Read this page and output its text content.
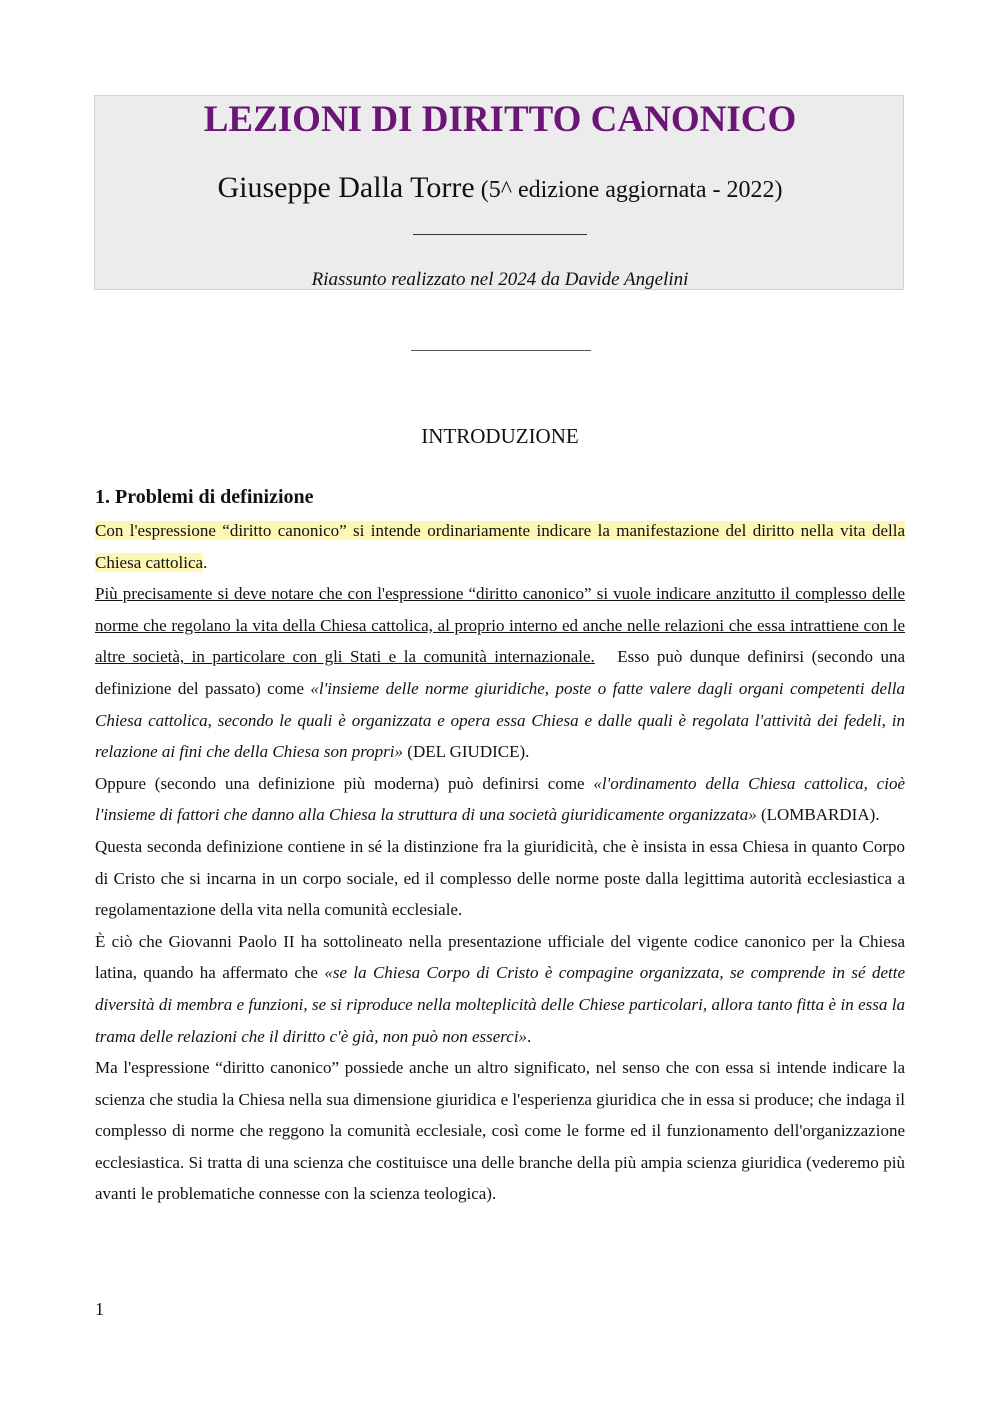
LEZIONI DI DIRITTO CANONICO
Giuseppe Dalla Torre (5^ edizione aggiornata - 2022)
Riassunto realizzato nel 2024 da Davide Angelini
INTRODUZIONE
1. Problemi di definizione

Con l'espressione “diritto canonico” si intende ordinariamente indicare la manifestazione del diritto nella vita della Chiesa cattolica.

Più precisamente si deve notare che con l'espressione “diritto canonico” si vuole indicare anzitutto il complesso delle norme che regolano la vita della Chiesa cattolica, al proprio interno ed anche nelle relazioni che essa intrattiene con le altre società, in particolare con gli Stati e la comunità internazionale.   Esso può dunque definirsi (secondo una definizione del passato) come «l'insieme delle norme giuridiche, poste o fatte valere dagli organi competenti della Chiesa cattolica, secondo le quali è organizzata e opera essa Chiesa e dalle quali è regolata l'attività dei fedeli, in relazione ai fini che della Chiesa son propri» (DEL GIUDICE).
Oppure (secondo una definizione più moderna) può definirsi come «l'ordinamento della Chiesa cattolica, cioè l'insieme di fattori che danno alla Chiesa la struttura di una società giuridicamente organizzata» (LOMBARDIA).

Questa seconda definizione contiene in sé la distinzione fra la giuridicità, che è insista in essa Chiesa in quanto Corpo di Cristo che si incarna in un corpo sociale, ed il complesso delle norme poste dalla legittima autorità ecclesiastica a regolamentazione della vita nella comunità ecclesiale.

È ciò che Giovanni Paolo II ha sottolineato nella presentazione ufficiale del vigente codice canonico per la Chiesa latina, quando ha affermato che «se la Chiesa Corpo di Cristo è compagine organizzata, se comprende in sé dette diversità di membra e funzioni, se si riproduce nella molteplicità delle Chiese particolari, allora tanto fitta è in essa la trama delle relazioni che il diritto c'è già, non può non esserci».

Ma l'espressione “diritto canonico” possiede anche un altro significato, nel senso che con essa si intende indicare la scienza che studia la Chiesa nella sua dimensione giuridica e l'esperienza giuridica che in essa si produce; che indaga il complesso di norme che reggono la comunità ecclesiale, così come le forme ed il funzionamento dell'organizzazione ecclesiastica. Si tratta di una scienza che costituisce una delle branche della più ampia scienza giuridica (vederemo più avanti le problematiche connesse con la scienza teologica).

1
